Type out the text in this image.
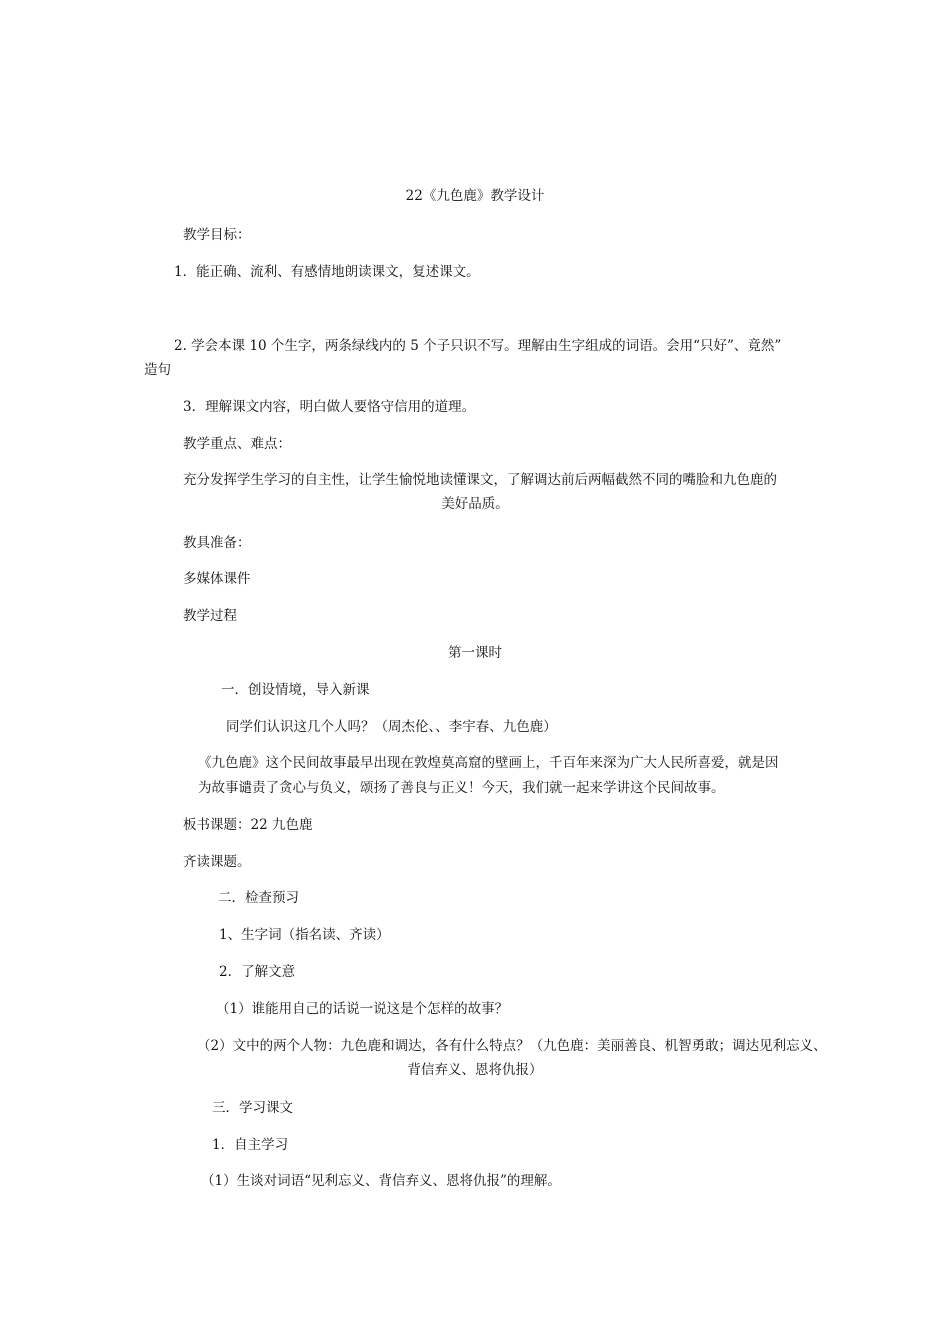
22《九色鹿》教学设计
教学目标：
1．能正确、流利、有感情地朗读课文，复述课文。
2. 学会本课 10 个生字，两条绿线内的 5 个子只识不写。理解由生字组成的词语。会用“只好”、竟然”
造句
3．理解课文内容，明白做人要恪守信用的道理。
教学重点、难点：
充分发挥学生学习的自主性，让学生愉悦地读懂课文，了解调达前后两幅截然不同的嘴脸和九色鹿的
美好品质。
教具准备：
多媒体课件
教学过程
第一课时
一．创设情境，导入新课
同学们认识这几个人吗？（周杰伦、、李宇春、九色鹿）
《九色鹿》这个民间故事最早出现在敦煌莫高窟的壁画上，千百年来深为广大人民所喜爱，就是因
为故事谴责了贪心与负义，颂扬了善良与正义！今天，我们就一起来学讲这个民间故事。
板书课题：22 九色鹿
齐读课题。
二．检查预习
1、生字词（指名读、齐读）
2．了解文意
（1）谁能用自己的话说一说这是个怎样的故事？
（2）文中的两个人物：九色鹿和调达，各有什么特点？（九色鹿：美丽善良、机智勇敢；调达见利忘义、
背信弃义、恩将仇报）
三．学习课文
1．自主学习
（1）生谈对词语“见利忘义、背信弃义、恩将仇报”的理解。
